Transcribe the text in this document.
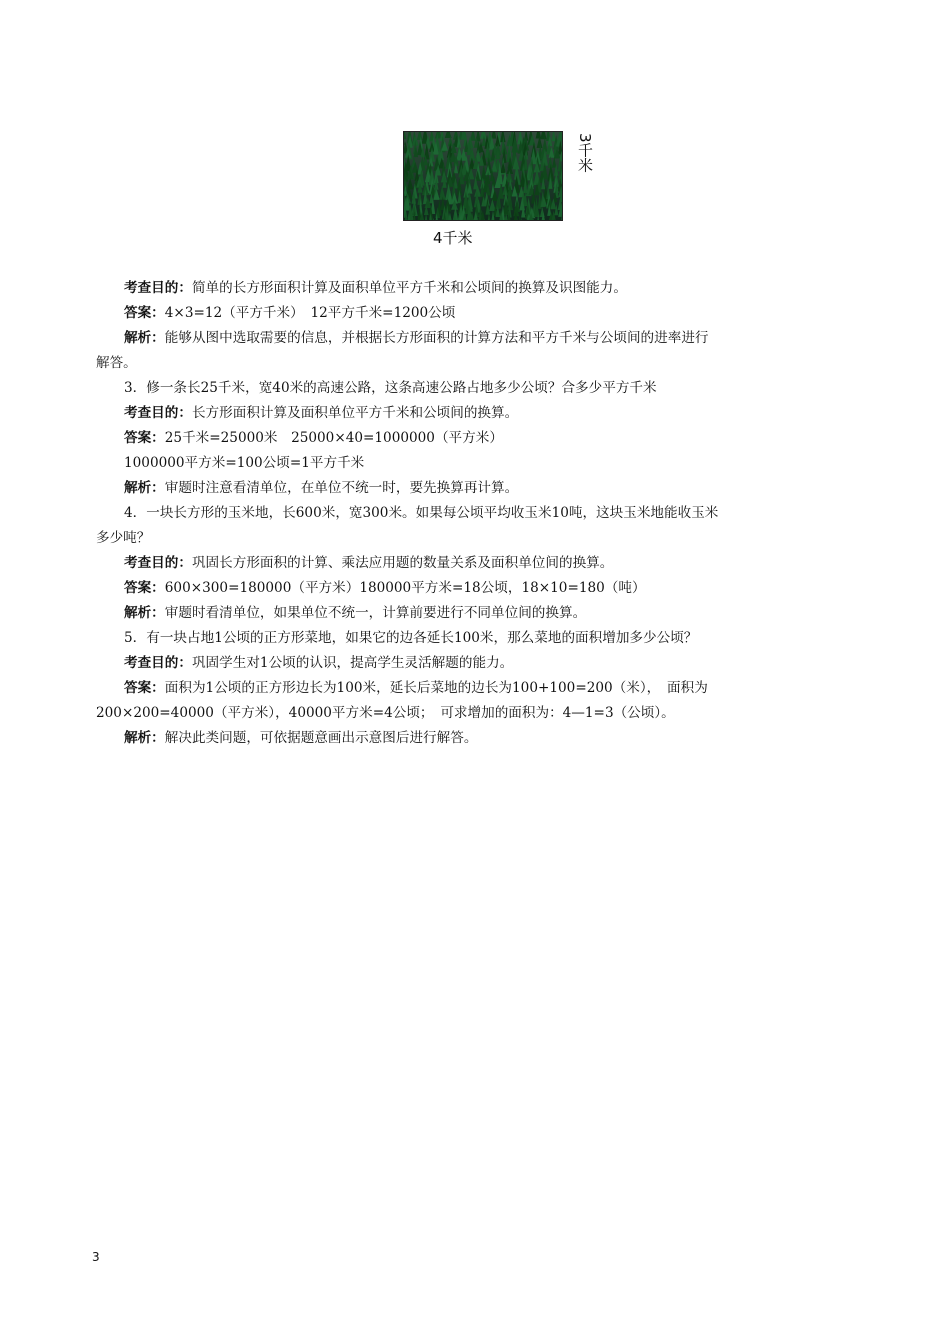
4千米
3千米

考查目的：简单的长方形面积计算及面积单位平方千米和公顷间的换算及识图能力。

答案：4×3=12（平方千米）　12平方千米=1200公顷

解析：能够从图中选取需要的信息，并根据长方形面积的计算方法和平方千米与公顷间的进率进行

解答。

3．修一条长25千米，宽40米的高速公路，这条高速公路占地多少公顷？合多少平方千米

考查目的：长方形面积计算及面积单位平方千米和公顷间的换算。

答案：25千米=25000米　25000×40=1000000（平方米）

1000000平方米=100公顷=1平方千米

解析：审题时注意看清单位，在单位不统一时，要先换算再计算。

4．一块长方形的玉米地，长600米，宽300米。如果每公顷平均收玉米10吨，这块玉米地能收玉米

多少吨？

考查目的：巩固长方形面积的计算、乘法应用题的数量关系及面积单位间的换算。

答案：600×300=180000（平方米）180000平方米=18公顷，18×10=180（吨）

解析：审题时看清单位，如果单位不统一，计算前要进行不同单位间的换算。

5．有一块占地1公顷的正方形菜地，如果它的边各延长100米，那么菜地的面积增加多少公顷？

考查目的：巩固学生对1公顷的认识，提高学生灵活解题的能力。

答案：面积为1公顷的正方形边长为100米，延长后菜地的边长为100+100=200（米），　面积为

200×200=40000（平方米），40000平方米=4公顷；　可求增加的面积为：4—1=3（公顷）。

解析：解决此类问题，可依据题意画出示意图后进行解答。

3
